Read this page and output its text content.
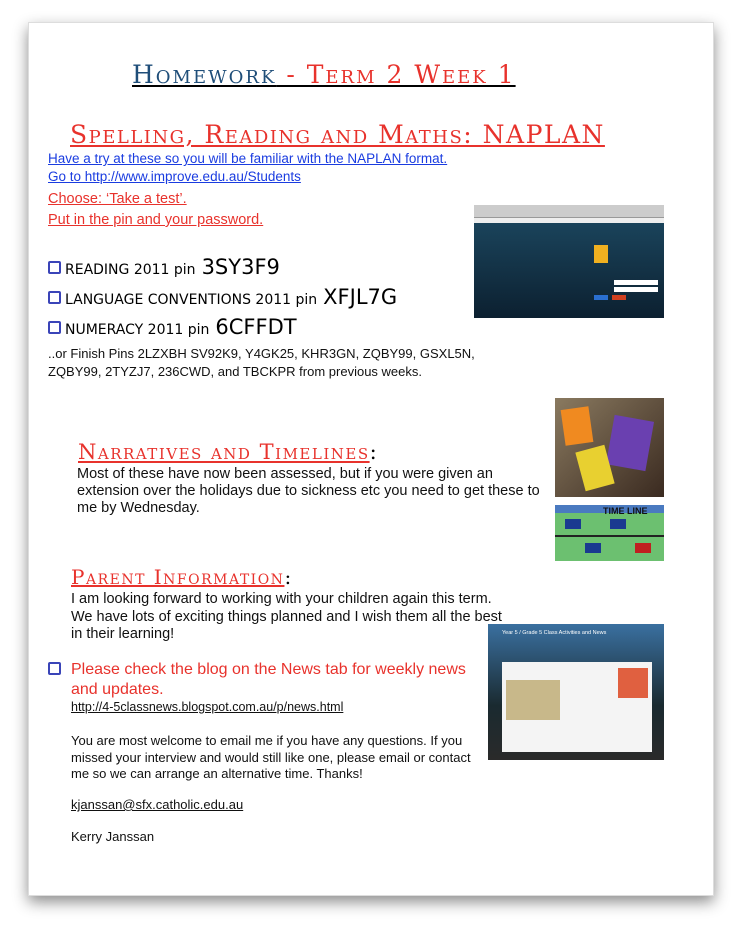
Homework - Term 2 Week 1
Spelling, Reading and Maths: NAPLAN
Have a try at these so you will be familiar with the NAPLAN format.
Go to http://www.improve.edu.au/Students
Choose: ‘Take a test’.
Put in the pin and your password.
READING 2011 pin 3SY3F9
LANGUAGE CONVENTIONS 2011 pin XFJL7G
NUMERACY 2011 pin 6CFFDT
..or Finish Pins 2LZXBH SV92K9, Y4GK25, KHR3GN, ZQBY99, GSXL5N, ZQBY99, 2TYZJ7, 236CWD, and TBCKPR from previous weeks.
Narratives and Timelines:
Most of these have now been assessed, but if you were given an extension over the holidays due to sickness etc you need to get these to me by Wednesday.	TIME LINE
Parent Information:
I am looking forward to working with your children again this term. We have lots of exciting things planned and I wish them all the best in their learning!
Please check the blog on the News tab for weekly news and updates.
http://4-5classnews.blogspot.com.au/p/news.html
You are most welcome to email me if you have any questions. If you missed your interview and would still like one, please email or contact me so we can arrange an alternative time. Thanks!
kjanssan@sfx.catholic.edu.au
Kerry Janssan
Year 5 / Grade 5 Class Activities and News
